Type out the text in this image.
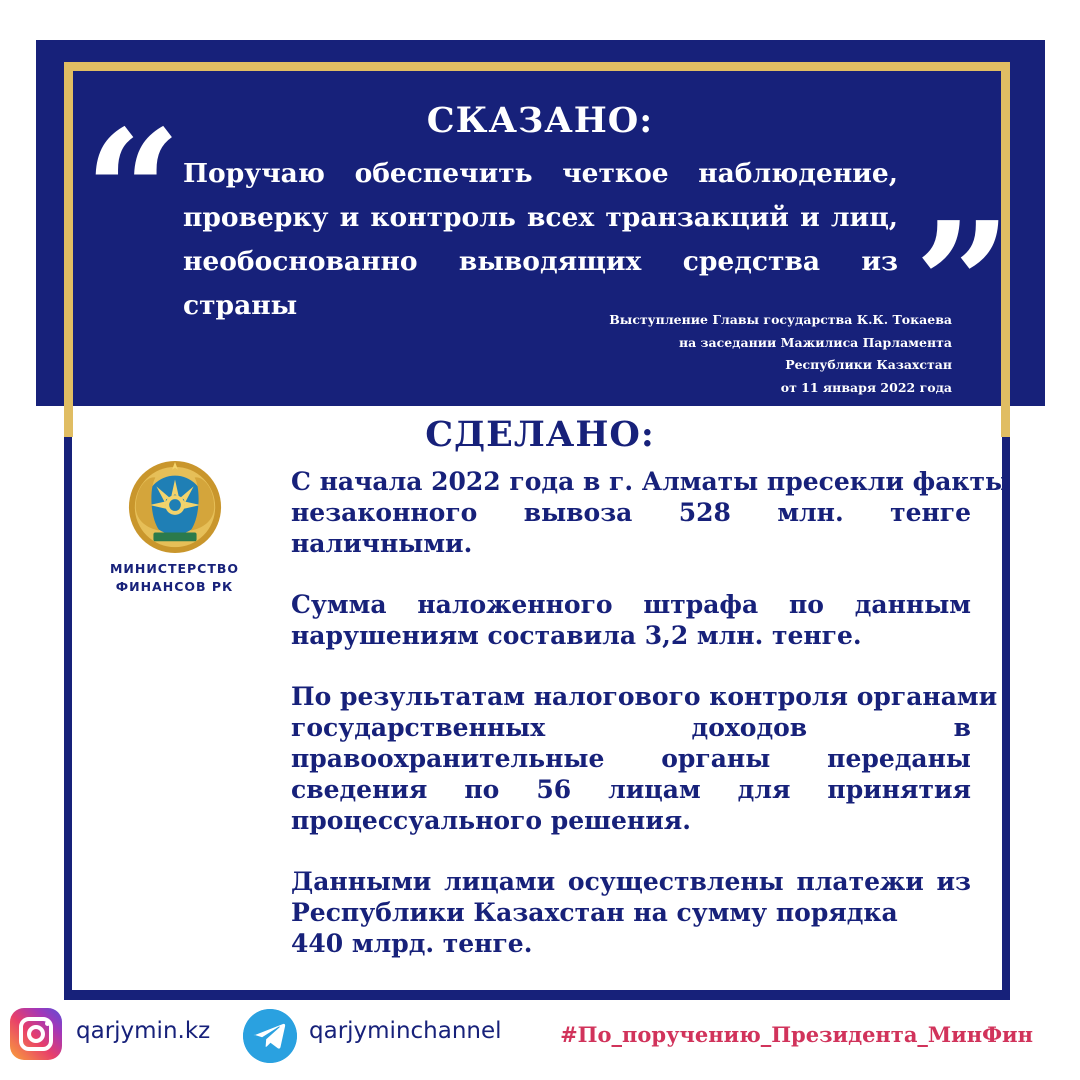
СКАЗАНО:
“	”
Поручаю обеспечить четкое наблюдение,
проверку и контроль всех транзакций и лиц,
необоснованно выводящих средства из страны	Выступление Главы государства К.К. Токаева
на заседании Мажилиса Парламента
Республики Казахстан
от 11 января 2022 года
СДЕЛАНО:
МИНИСТЕРСТВО
ФИНАНСОВ РК
С начала 2022 года в г. Алматы пресекли факты
незаконного вывоза 528 млн. тенге
наличными.
Сумма наложенного штрафа по данным
нарушениям составила 3,2 млн. тенге.
По результатам налогового контроля органами
государственных доходов в
правоохранительные органы переданы
сведения по 56 лицам для принятия
процессуального решения.
Данными лицами осуществлены платежи из
Республики Казахстан на сумму порядка
440 млрд. тенге.
qarjymin.kz	qarjyminchannel	#По_поручению_Президента_МинФин
